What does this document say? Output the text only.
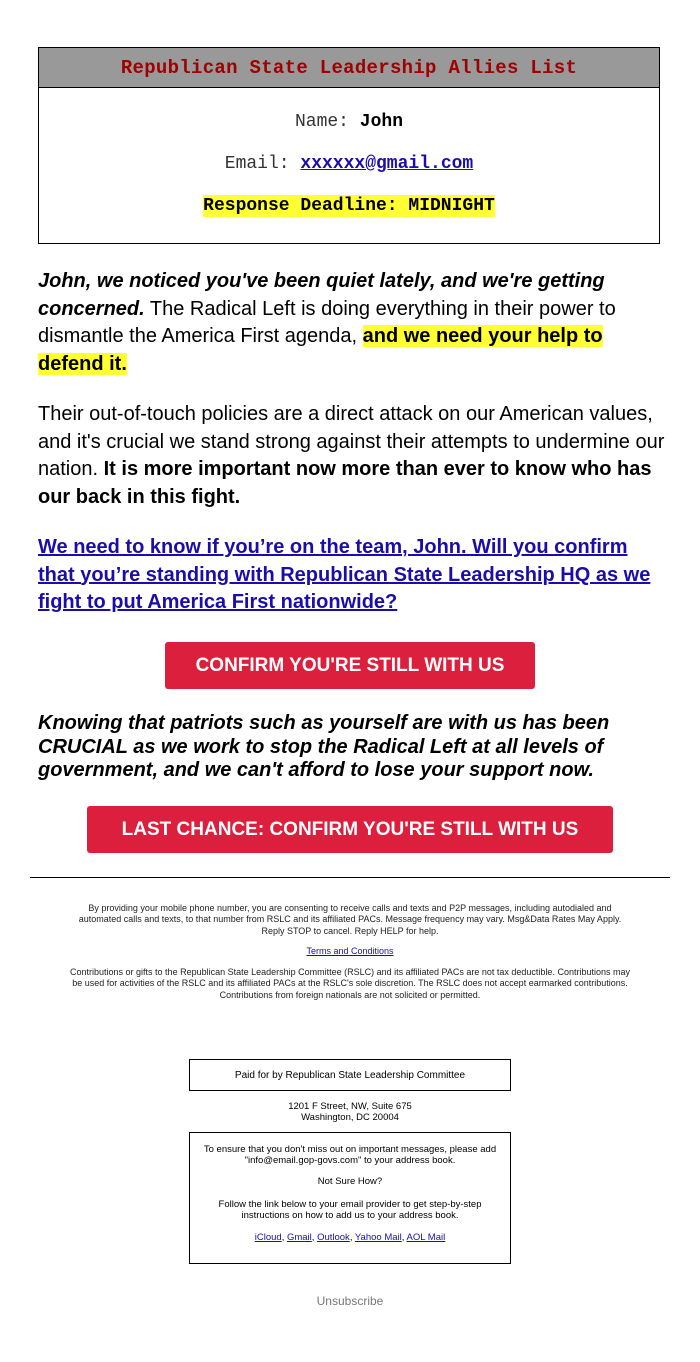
Republican State Leadership Allies List
Name: John
Email: xxxxxx@gmail.com
Response Deadline: MIDNIGHT
John, we noticed you've been quiet lately, and we're getting concerned. The Radical Left is doing everything in their power to dismantle the America First agenda, and we need your help to defend it.
Their out-of-touch policies are a direct attack on our American values, and it's crucial we stand strong against their attempts to undermine our nation. It is more important now more than ever to know who has our back in this fight.
We need to know if you’re on the team, John. Will you confirm that you’re standing with Republican State Leadership HQ as we fight to put America First nationwide?
CONFIRM YOU'RE STILL WITH US
Knowing that patriots such as yourself are with us has been CRUCIAL as we work to stop the Radical Left at all levels of government, and we can't afford to lose your support now.
LAST CHANCE: CONFIRM YOU'RE STILL WITH US
By providing your mobile phone number, you are consenting to receive calls and texts and P2P messages, including autodialed and automated calls and texts, to that number from RSLC and its affiliated PACs. Message frequency may vary. Msg&Data Rates May Apply. Reply STOP to cancel. Reply HELP for help.
Terms and Conditions
Contributions or gifts to the Republican State Leadership Committee (RSLC) and its affiliated PACs are not tax deductible. Contributions may be used for activities of the RSLC and its affiliated PACs at the RSLC's sole discretion. The RSLC does not accept earmarked contributions. Contributions from foreign nationals are not solicited or permitted.
Paid for by Republican State Leadership Committee
1201 F Street, NW, Suite 675
Washington, DC 20004

To ensure that you don't miss out on important messages, please add "info@email.gop-govs.com" to your address book.

Not Sure How?

Follow the link below to your email provider to get step-by-step instructions on how to add us to your address book.

iCloud, Gmail, Outlook, Yahoo Mail, AOL Mail

Unsubscribe
